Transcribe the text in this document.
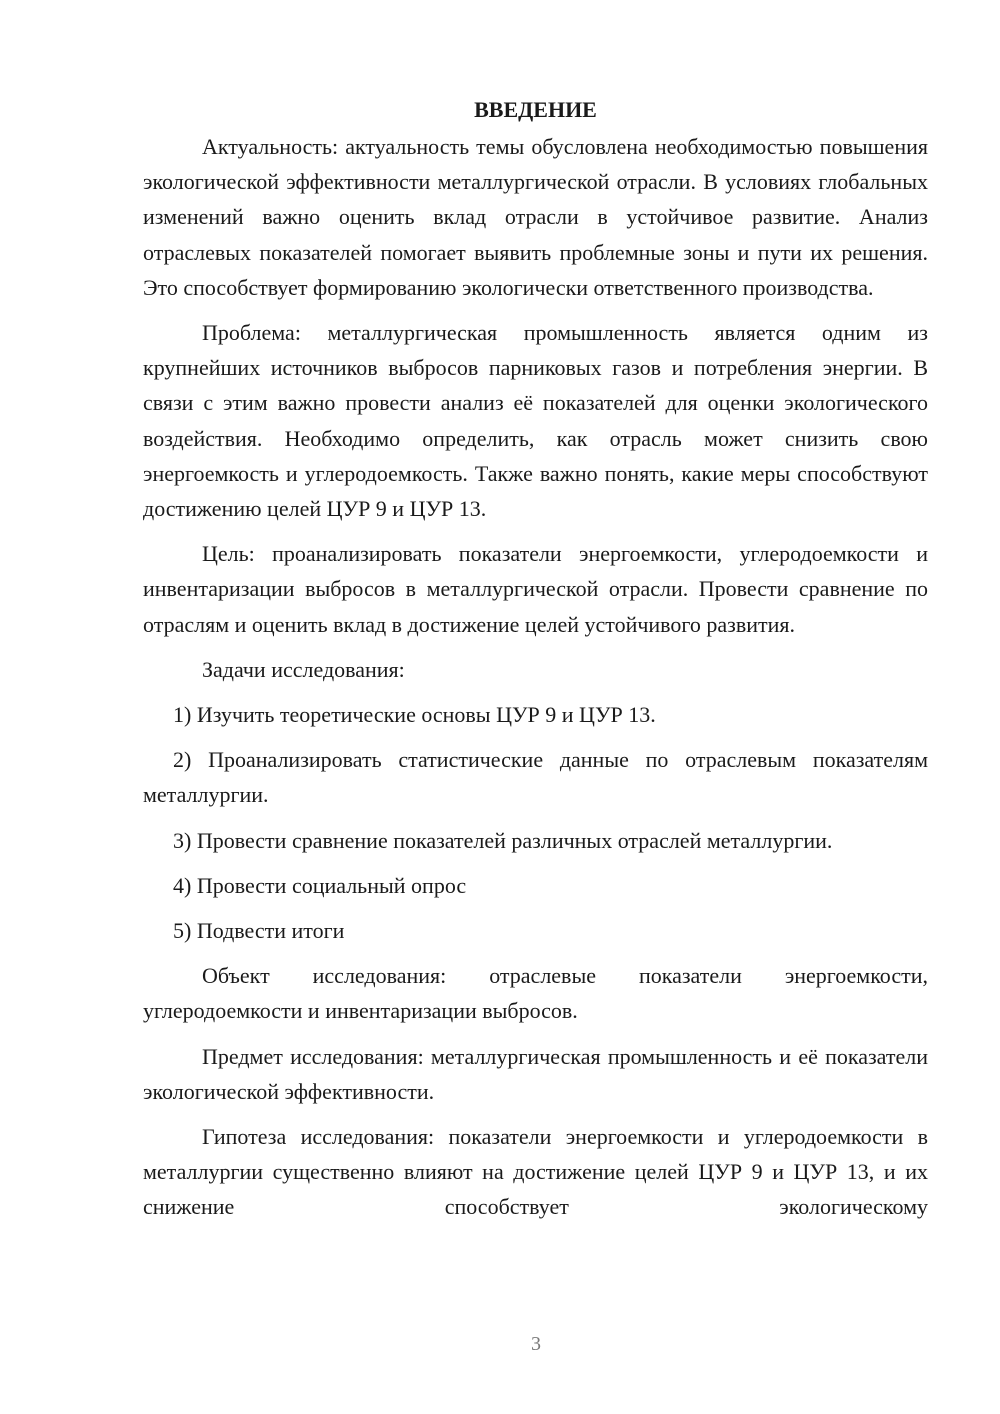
ВВЕДЕНИЕ

Актуальность: актуальность темы обусловлена необходимостью повышения экологической эффективности металлургической отрасли. В условиях глобальных изменений важно оценить вклад отрасли в устойчивое развитие. Анализ отраслевых показателей помогает выявить проблемные зоны и пути их решения. Это способствует формированию экологически ответственного производства.

Проблема: металлургическая промышленность является одним из крупнейших источников выбросов парниковых газов и потребления энергии. В связи с этим важно провести анализ её показателей для оценки экологического воздействия. Необходимо определить, как отрасль может снизить свою энергоемкость и углеродоемкость. Также важно понять, какие меры способствуют достижению целей ЦУР 9 и ЦУР 13.

Цель: проанализировать показатели энергоемкости, углеродоемкости и инвентаризации выбросов в металлургической отрасли. Провести сравнение по отраслям и оценить вклад в достижение целей устойчивого развития.

Задачи исследования:

1) Изучить теоретические основы ЦУР 9 и ЦУР 13.

2) Проанализировать статистические данные по отраслевым показателям металлургии.

3) Провести сравнение показателей различных отраслей металлургии.

4) Провести социальный опрос

5) Подвести итоги

Объект исследования: отраслевые показатели энергоемкости, углеродоемкости и инвентаризации выбросов.

Предмет исследования: металлургическая промышленность и её показатели экологической эффективности.

Гипотеза исследования: показатели энергоемкости и углеродоемкости в металлургии существенно влияют на достижение целей ЦУР 9 и ЦУР 13, и их снижение способствует экологическому

3
